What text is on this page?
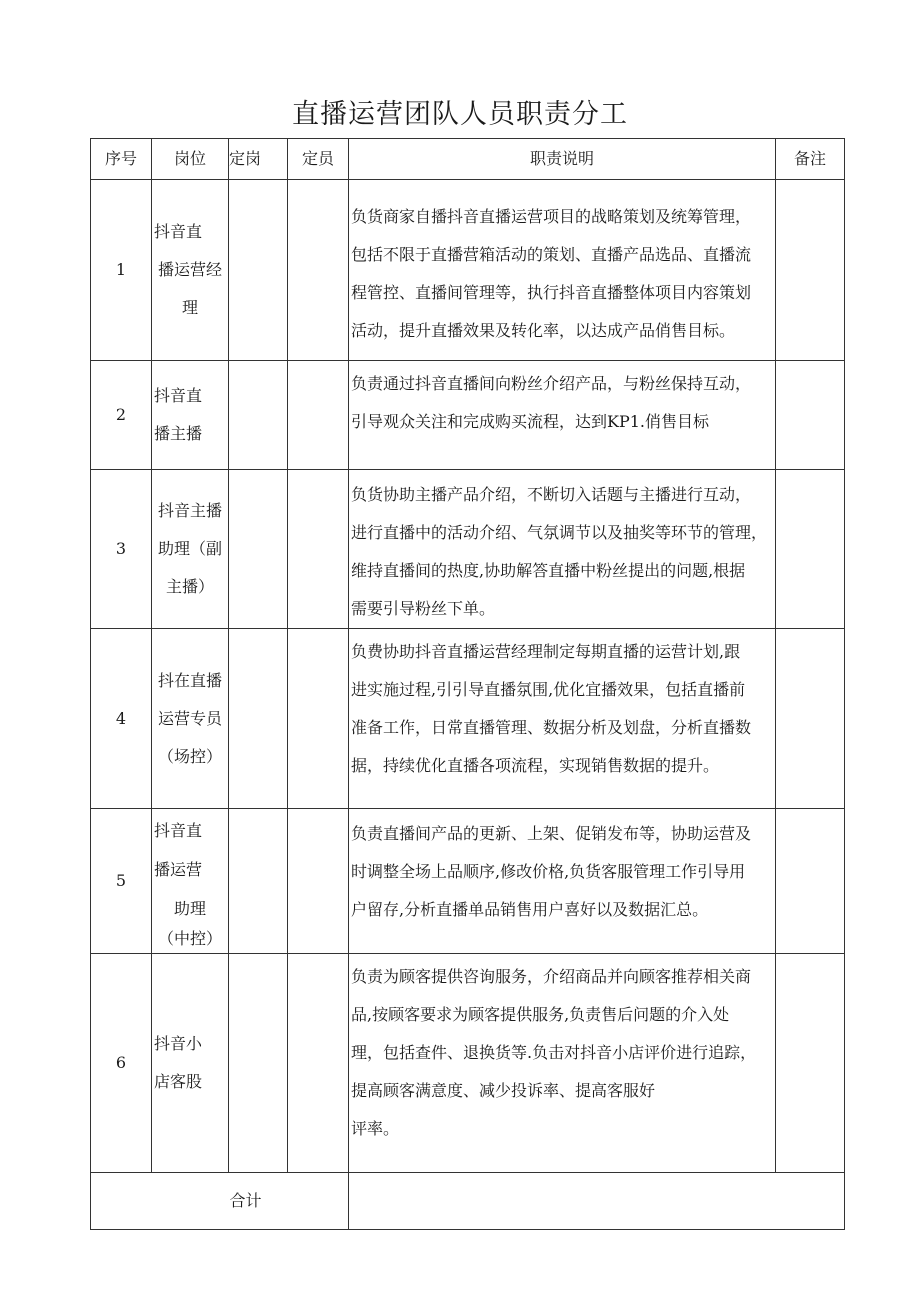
直播运营团队人员职责分工
序号	岗位	定岗	定员	职责说明	备注
1	抖音直
播运营经
理			负货商家自播抖音直播运营项目的战略策划及统筹管理，
包括不限于直播营箱活动的策划、直播产品选品、直播流
程管控、直播间管理等，执行抖音直播整体项目内容策划
活动，提升直播效果及转化率，以达成产品俏售目标。	

2	抖音直
播主播			负责通过抖音直播间向粉丝介绍产品，与粉丝保持互动，
引导观众关注和完成购买流程，达到KP1.俏售目标	

3	抖音主播
助理（副
主播）			负货协助主播产品介绍，不断切入话题与主播进行互动，
进行直播中的活动介绍、气氛调节以及抽奖等环节的管理，
维持直播间的热度,协助解答直播中粉丝提出的问题,根据
需要引导粉丝下单。	

4	抖在直播
运营专员
（场控）			负费协助抖音直播运营经理制定每期直播的运营计划,跟
进实施过程,引引导直播氛围,优化宜播效果，包括直播前
准备工作，日常直播管理、数据分析及划盘，分析直播数
据，持续优化直播各项流程，实现销售数据的提升。	

5	抖音直
播运营
助理
（中控）			负责直播间产品的更新、上架、促销发布等，协助运营及
时调整全场上品顺序,修改价格,负货客服管理工作引导用
户留存,分析直播单品销售用户喜好以及数据汇总。	

6	抖音小
店客股			负责为顾客提供咨询服务，介绍商品并向顾客推荐相关商
品,按顾客要求为顾客提供服务,负责售后问题的介入处
理，包括查件、退换货等.负击对抖音小店评价进行追踪，
提高顾客满意度、减少投诉率、提高客服好
评率。	

合计					
